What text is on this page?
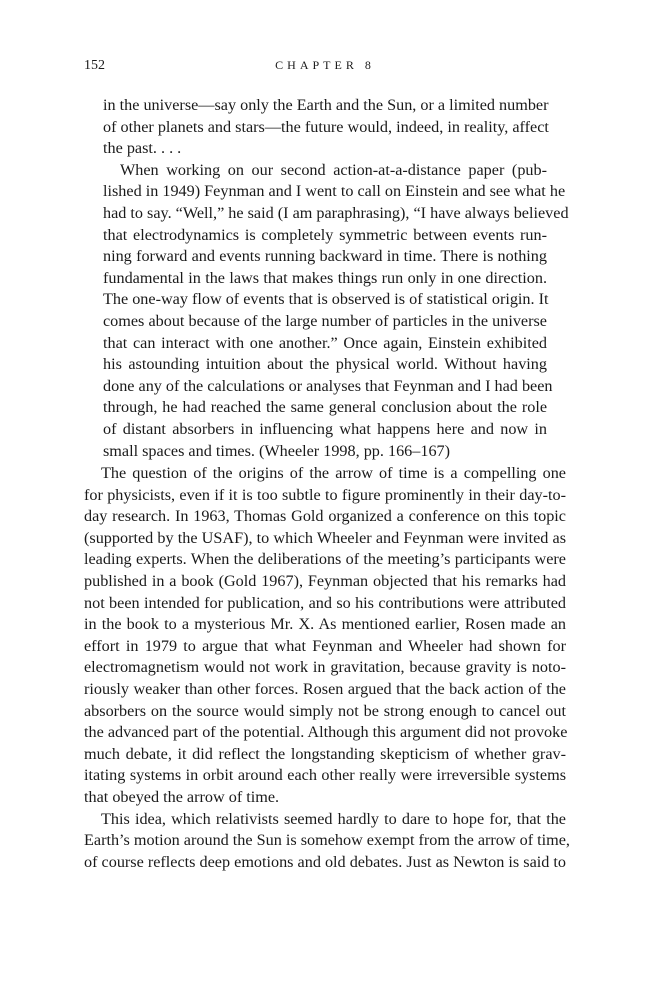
152	CHAPTER 8
in the universe—say only the Earth and the Sun, or a limited number
of other planets and stars—the future would, indeed, in reality, affect
the past. . . .
When working on our second action-at-a-distance paper (pub-
lished in 1949) Feynman and I went to call on Einstein and see what he
had to say. “Well,” he said (I am paraphrasing), “I have always believed
that electrodynamics is completely symmetric between events run-
ning forward and events running backward in time. There is nothing
fundamental in the laws that makes things run only in one direction.
The one-way flow of events that is observed is of statistical origin. It
comes about because of the large number of particles in the universe
that can interact with one another.” Once again, Einstein exhibited
his astounding intuition about the physical world. Without having
done any of the calculations or analyses that Feynman and I had been
through, he had reached the same general conclusion about the role
of distant absorbers in influencing what happens here and now in
small spaces and times. (Wheeler 1998, pp. 166–167)
The question of the origins of the arrow of time is a compelling one
for physicists, even if it is too subtle to figure prominently in their day-to-
day research. In 1963, Thomas Gold organized a conference on this topic
(supported by the USAF), to which Wheeler and Feynman were invited as
leading experts. When the deliberations of the meeting’s participants were
published in a book (Gold 1967), Feynman objected that his remarks had
not been intended for publication, and so his contributions were attributed
in the book to a mysterious Mr. X. As mentioned earlier, Rosen made an
effort in 1979 to argue that what Feynman and Wheeler had shown for
electromagnetism would not work in gravitation, because gravity is noto-
riously weaker than other forces. Rosen argued that the back action of the
absorbers on the source would simply not be strong enough to cancel out
the advanced part of the potential. Although this argument did not provoke
much debate, it did reflect the longstanding skepticism of whether grav-
itating systems in orbit around each other really were irreversible systems
that obeyed the arrow of time.
This idea, which relativists seemed hardly to dare to hope for, that the
Earth’s motion around the Sun is somehow exempt from the arrow of time,
of course reflects deep emotions and old debates. Just as Newton is said to
